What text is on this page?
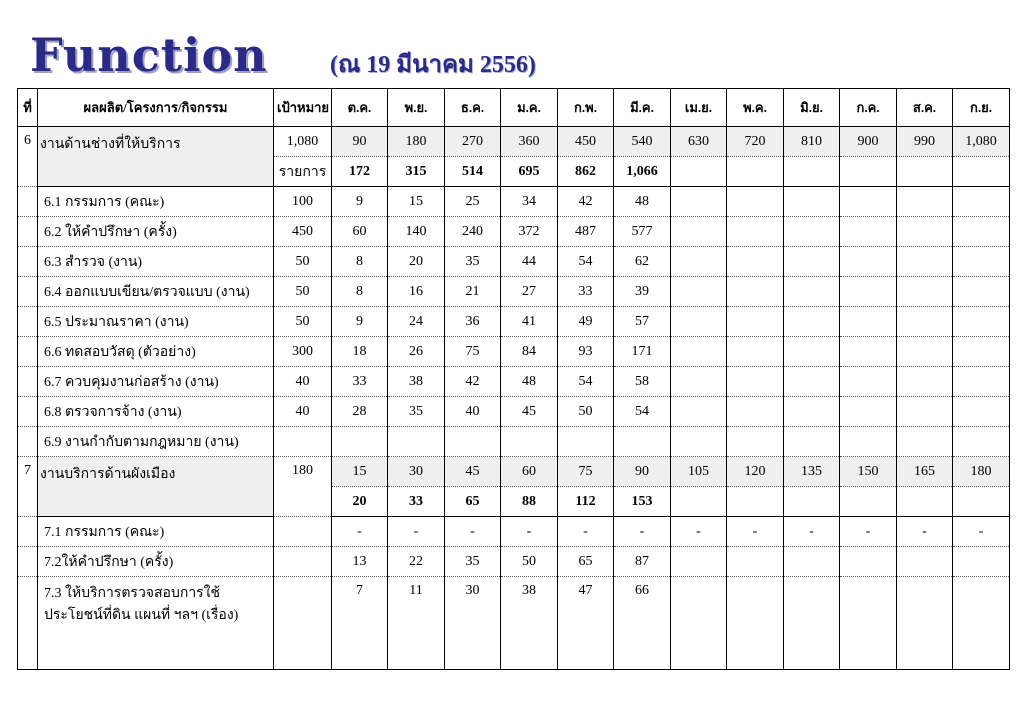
Function	(ณ 19 มีนาคม 2556)
ที่	ผลผลิต/โครงการ/กิจกรรม	เป้าหมาย	ต.ค.	พ.ย.	ธ.ค.	ม.ค.	ก.พ.	มี.ค.	เม.ย.	พ.ค.	มิ.ย.	ก.ค.	ส.ค.	ก.ย.
6	งานด้านช่างที่ให้บริการ	1,080	90	180	270	360	450	540	630	720	810	900	990	1,080
		รายการ	172	315	514	695	862	1,066						
	6.1 กรรมการ (คณะ)	100	9	15	25	34	42	48						
	6.2 ให้คำปรึกษา (ครั้ง)	450	60	140	240	372	487	577						
	6.3 สำรวจ (งาน)	50	8	20	35	44	54	62						
	6.4 ออกแบบเขียน/ตรวจแบบ (งาน)	50	8	16	21	27	33	39						
	6.5 ประมาณราคา (งาน)	50	9	24	36	41	49	57						
	6.6 ทดสอบวัสดุ (ตัวอย่าง)	300	18	26	75	84	93	171						
	6.7 ควบคุมงานก่อสร้าง (งาน)	40	33	38	42	48	54	58						
	6.8 ตรวจการจ้าง (งาน)	40	28	35	40	45	50	54						
	6.9 งานกำกับตามกฎหมาย (งาน)													
7	งานบริการด้านผังเมือง	180	15	30	45	60	75	90	105	120	135	150	165	180
			20	33	65	88	112	153						
	7.1 กรรมการ (คณะ)		-	-	-	-	-	-	-	-	-	-	-	-
	7.2ให้คำปรึกษา (ครั้ง)		13	22	35	50	65	87						
	7.3 ให้บริการตรวจสอบการใช้ ประโยชน์ที่ดิน แผนที่ ฯลฯ (เรื่อง)		7	11	30	38	47	66						
